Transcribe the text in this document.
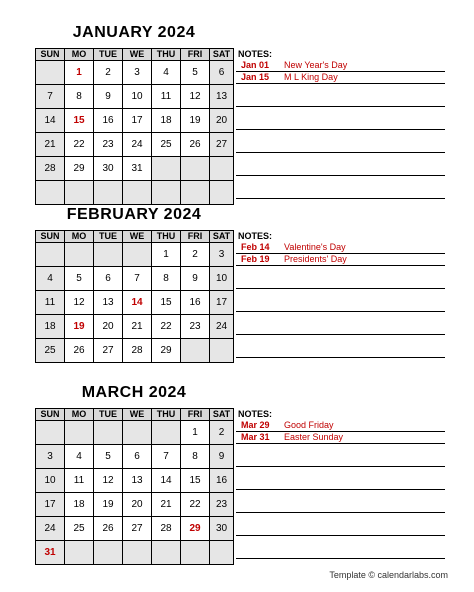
JANUARY 2024
SUN	MO	TUE	WE	THU	FRI	SAT
	1	2	3	4	5	6
7	8	9	10	11	12	13
14	15	16	17	18	19	20
21	22	23	24	25	26	27
28	29	30	31			

NOTES:
Jan 01 New Year's Day
Jan 15 M L King Day
FEBRUARY 2024
SUN	MO	TUE	WE	THU	FRI	SAT
				1	2	3
4	5	6	7	8	9	10
11	12	13	14	15	16	17
18	19	20	21	22	23	24
25	26	27	28	29		
NOTES:
Feb 14 Valentine's Day
Feb 19 Presidents' Day
MARCH 2024
SUN	MO	TUE	WE	THU	FRI	SAT
					1	2
3	4	5	6	7	8	9
10	11	12	13	14	15	16
17	18	19	20	21	22	23
24	25	26	27	28	29	30
31						
NOTES:
Mar 29 Good Friday
Mar 31 Easter Sunday
Template © calendarlabs.com
